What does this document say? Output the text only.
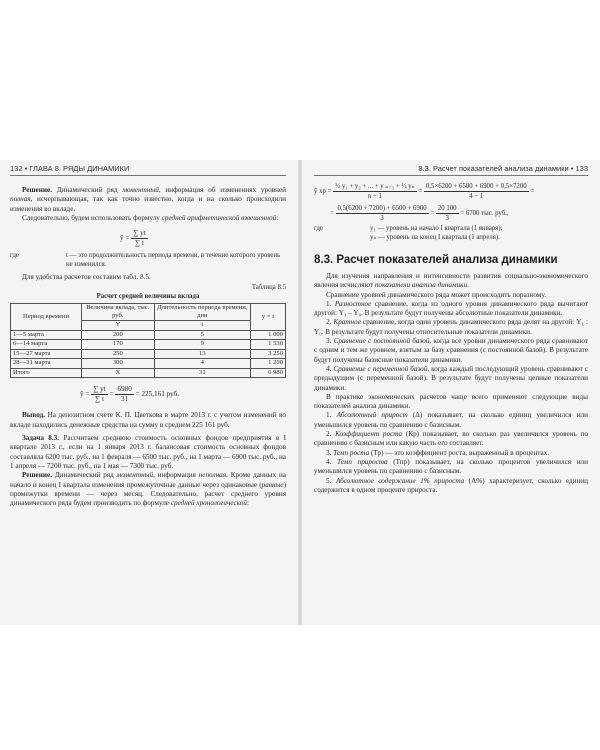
132 • ГЛАВА 8. РЯДЫ ДИНАМИКИ

Решение. Динамический ряд моментный, информация об изменениях уровней полная, исчерпывающая, так как точно известно, когда и на сколько происходили изменения во вкладе.

Следовательно, будем использовать формулу средней арифметической взвешенной:

ȳ = $\frac{\sum yt}{\sum t}$
где	t — это продолжительность периода времени, в течение которого уровень не изменился.

Для удобства расчетов составим табл. 8.5.

Таблица 8.5
Расчет средней величины вклада
Период времени	Величина вклада, тыс. руб.	Длительность периода времени, дни	y × t
	Y	t	
1—5 марта	200	5	1 000
6—14 марта	170	9	1 530
15—27 марта	250	13	3 250
28—31 марта	300	4	1 200
Итого	X	31	6 980
ȳ = $\frac{\sum yt}{\sum t} = \frac{6980}{31} = 225,161$ руб.

Вывод. На депозитном счете К. П. Цветкова в марте 2013 г. с учетом изменений во вкладе находились денежные средства на сумму в среднем 225 161 руб.

Задача 8.3. Рассчитаем среднюю стоимость основных фондов предприятия в I квартале 2013 г., если на 1 января 2013 г. балансовая стоимость основных фондов составляла 6200 тыс. руб., на 1 февраля — 6500 тыс. руб., на 1 марта — 6900 тыс. руб., на 1 апреля — 7200 тыс. руб., на 1 мая — 7300 тыс. руб.

Решение. Динамический ряд моментный, информация неполная. Кроме данных на начало и конец I квартала изменения промежуточные данные через одинаковые (равные) промежутки времени — через месяц. Следовательно, расчет среднего уровня динамического ряда будем производить по формуле средней хронологической:

8.3. Расчет показателей анализа динамики • 133
ȳ хр = $\frac{\text{½ y₁ + y₂ + ... + y ₙ₋₁ + ½ yₙ}}{n - 1} = \frac{0,5\times 6200 + 6500 + 6900 + 0,5\times 7200}{4 - 1}$ =
= $\frac{0,5(6200 + 7200) + 6500 + 6900}{3} = \frac{20 100}{3} = 6700$ тыс. руб.,
где	y₁ — уровень на начало I квартала (1 января);
yₙ — уровень на конец I квартала (1 апреля).
8.3. Расчет показателей анализа динамики

Для изучения направления и интенсивности развития социально-экономического явления исчисляют показатели анализа динамики.

Сравнение уровней динамического ряда может происходить поразному.

1. Разностное сравнение, когда из одного уровня динамического ряда вычитают другой: Y₁ – Y₀. В результате будут получены абсолютные показатели динамики.

2. Кратное сравнение, когда один уровень динамического ряда делят на другой: Y₁ : Y₀. В результате будут получены относительные показатели динамики.

3. Сравнение с постоянной базой, когда все уровни динамического ряда сравнивают с одним и тем же уровнем, взятым за базу сравнения (с постоянной базой). В результате будут получены базисные показатели динамики.

4. Сравнение с переменной базой, когда каждый последующий уровень сравнивают с предыдущим (с переменной базой). В результате будут получены цепные показатели динамики.

В практике экономических расчетов чаще всего применяют следующие виды показателей анализа динамики.

1. Абсолютный прирост (Δ) показывает, на сколько единиц увеличился или уменьшился уровень по сравнению с базисным.

2. Коэффициент роста (Кр) показывает, во сколько раз увеличился уровень по сравнению с базисным или какую часть его составляет.

3. Темп роста (Тр) — это коэффициент роста, выраженный в процентах.

4. Темп прироста (Тпр) показывает, на сколько процентов увеличился или уменьшился уровень по сравнению с базисным.

5. Абсолютное содержание 1% прироста (А%) характеризует, сколько единиц содержится в одном проценте прироста.
